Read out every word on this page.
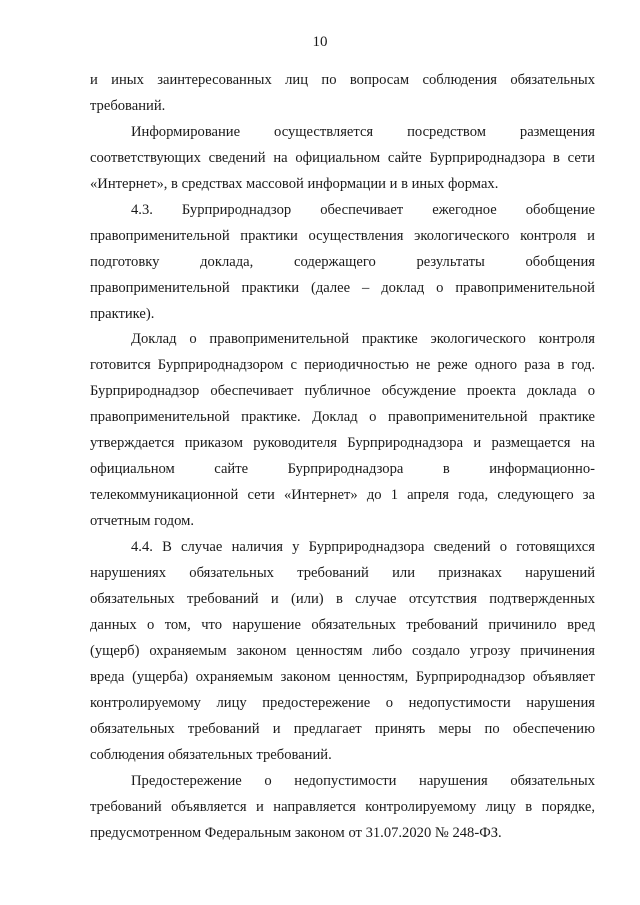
10
и иных заинтересованных лиц по вопросам соблюдения обязательных
требований.
Информирование осуществляется посредством размещения
соответствующих сведений на официальном сайте Бурприроднадзора в сети
«Интернет», в средствах массовой информации и в иных формах.
4.3. Бурприроднадзор обеспечивает ежегодное обобщение
правоприменительной практики осуществления экологического контроля и
подготовку доклада, содержащего результаты обобщения
правоприменительной практики (далее – доклад о правоприменительной
практике).
Доклад о правоприменительной практике экологического контроля
готовится Бурприроднадзором с периодичностью не реже одного раза в год.
Бурприроднадзор обеспечивает публичное обсуждение проекта доклада о
правоприменительной практике. Доклад о правоприменительной практике
утверждается приказом руководителя Бурприроднадзора и размещается на
официальном сайте Бурприроднадзора в информационно-
телекоммуникационной сети «Интернет» до 1 апреля года, следующего за
отчетным годом.
4.4. В случае наличия у Бурприроднадзора сведений о готовящихся
нарушениях обязательных требований или признаках нарушений
обязательных требований и (или) в случае отсутствия подтвержденных
данных о том, что нарушение обязательных требований причинило вред
(ущерб) охраняемым законом ценностям либо создало угрозу причинения
вреда (ущерба) охраняемым законом ценностям, Бурприроднадзор объявляет
контролируемому лицу предостережение о недопустимости нарушения
обязательных требований и предлагает принять меры по обеспечению
соблюдения обязательных требований.
Предостережение о недопустимости нарушения обязательных
требований объявляется и направляется контролируемому лицу в порядке,
предусмотренном Федеральным законом от 31.07.2020 № 248-ФЗ.
